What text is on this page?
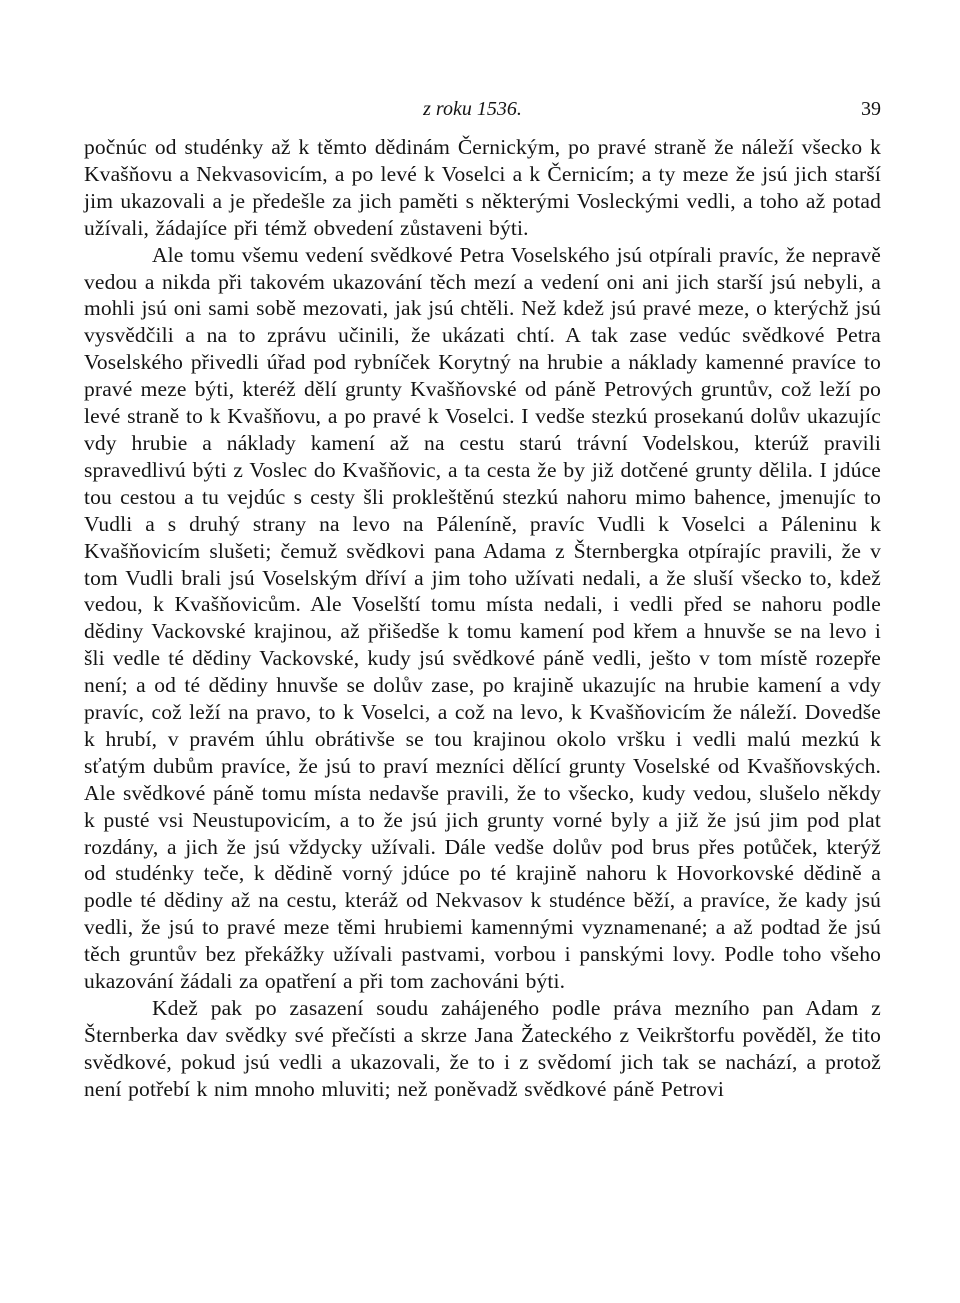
z roku 1536.	39

počnúc od studénky až k těmto dědinám Černickým, po pravé straně že náleží všecko k Kvašňovu a Nekvasovicím, a po levé k Voselci a k Černicím; a ty meze že jsú jich starší jim ukazovali a je předešle za jich paměti s některými Vosleckými vedli, a toho až potad užívali, žádajíce při témž obvedení zůstaveni býti.

Ale tomu všemu vedení svědkové Petra Voselského jsú otpírali pravíc, že nepravě vedou a nikda při takovém ukazování těch mezí a vedení oni ani jich starší jsú nebyli, a mohli jsú oni sami sobě mezovati, jak jsú chtěli. Než kdež jsú pravé meze, o kterýchž jsú vysvědčili a na to zprávu učinili, že ukázati chtí. A tak zase vedúc svědkové Petra Voselského přivedli úřad pod rybníček Korytný na hrubie a náklady kamenné pravíce to pravé meze býti, kteréž dělí grunty Kvašňovské od páně Petrových gruntův, což leží po levé straně to k Kvašňovu, a po pravé k Voselci. I vedše stezkú prosekanú dolův ukazujíc vdy hrubie a náklady kamení až na cestu starú trávní Vodelskou, kterúž pravili spravedlivú býti z Voslec do Kvašňovic, a ta cesta že by již dotčené grunty dělila. I jdúce tou cestou a tu vejdúc s cesty šli prokleštěnú stezkú nahoru mimo bahence, jmenujíc to Vudli a s druhý strany na levo na Páleníně, pravíc Vudli k Voselci a Páleninu k Kvašňovicím slušeti; čemuž svědkovi pana Adama z Šternbergka otpírajíc pravili, že v tom Vudli brali jsú Voselským dříví a jim toho užívati nedali, a že sluší všecko to, kdež vedou, k Kvašňovicům. Ale Voselští tomu místa nedali, i vedli před se nahoru podle dědiny Vackovské krajinou, až přišedše k tomu kamení pod křem a hnuvše se na levo i šli vedle té dědiny Vackovské, kudy jsú svědkové páně vedli, ješto v tom místě rozepře není; a od té dědiny hnuvše se dolův zase, po krajině ukazujíc na hrubie kamení a vdy pravíc, což leží na pravo, to k Voselci, a což na levo, k Kvašňovicím že náleží. Dovedše k hrubí, v pravém úhlu obrátivše se tou krajinou okolo vršku i vedli malú mezkú k sťatým dubům pravíce, že jsú to praví mezníci dělící grunty Voselské od Kvašňovských. Ale svědkové páně tomu místa nedavše pravili, že to všecko, kudy vedou, slušelo někdy k pusté vsi Neustupovicím, a to že jsú jich grunty vorné byly a již že jsú jim pod plat rozdány, a jich že jsú vždycky užívali. Dále vedše dolův pod brus přes potůček, kterýž od studénky teče, k dědině vorný jdúce po té krajině nahoru k Hovorkovské dědině a podle té dědiny až na cestu, kteráž od Nekvasov k studénce běží, a pravíce, že kady jsú vedli, že jsú to pravé meze těmi hrubiemi kamennými vyznamenané; a až podtad že jsú těch gruntův bez překážky užívali pastvami, vorbou i panskými lovy. Podle toho všeho ukazování žádali za opatření a při tom zachováni býti.

Kdež pak po zasazení soudu zahájeného podle práva mezního pan Adam z Šternberka dav svědky své přečísti a skrze Jana Žateckého z Veikrštorfu pověděl, že tito svědkové, pokud jsú vedli a ukazovali, že to i z svědomí jich tak se nachází, a protož není potřebí k nim mnoho mluviti; než poněvadž svědkové páně Petrovi
